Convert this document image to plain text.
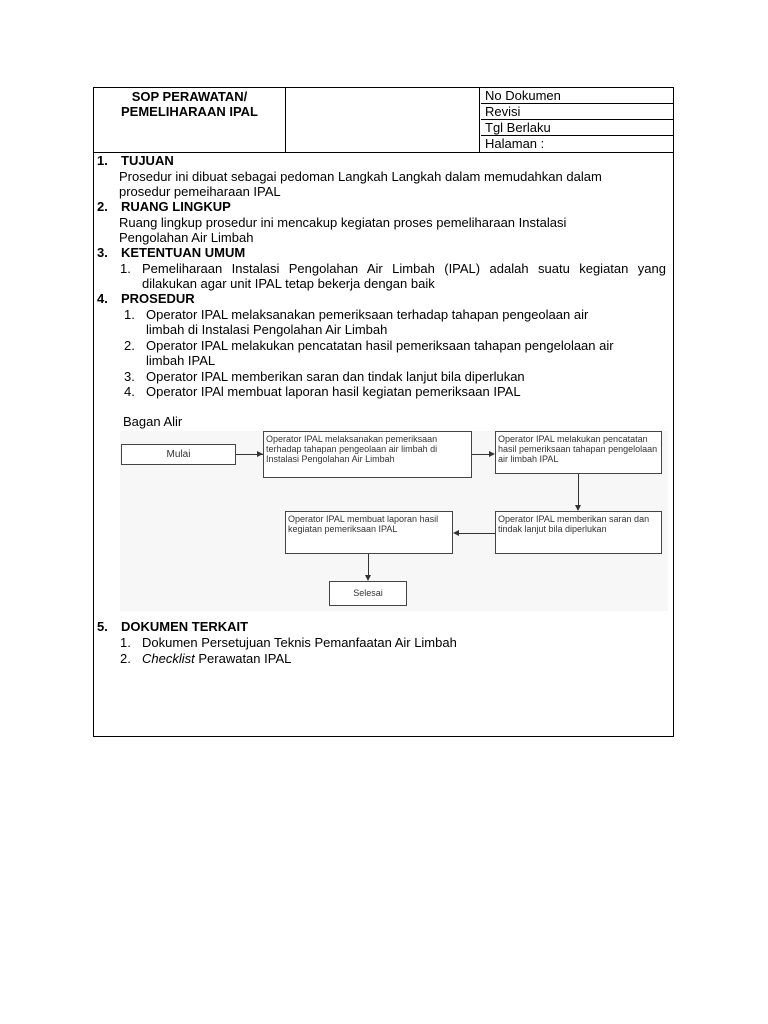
SOP PERAWATAN/
PEMELIHARAAN IPAL
No Dokumen
Revisi
Tgl Berlaku
Halaman :
1. TUJUAN
Prosedur ini dibuat sebagai pedoman Langkah Langkah dalam memudahkan dalam
prosedur pemeiharaan IPAL
2. RUANG LINGKUP
Ruang lingkup prosedur ini mencakup kegiatan proses pemeliharaan Instalasi
Pengolahan Air Limbah
3. KETENTUAN UMUM
1. Pemeliharaan Instalasi Pengolahan Air Limbah (IPAL) adalah suatu kegiatan yang
dilakukan agar unit IPAL tetap bekerja dengan baik
4. PROSEDUR
1. Operator IPAL melaksanakan pemeriksaan terhadap tahapan pengeolaan air
limbah di Instalasi Pengolahan Air Limbah
2. Operator IPAL melakukan pencatatan hasil pemeriksaan tahapan pengelolaan air
limbah IPAL
3. Operator IPAL memberikan saran dan tindak lanjut bila diperlukan
4. Operator IPAl membuat laporan hasil kegiatan pemeriksaan IPAL
Bagan Alir
Mulai
Operator IPAL melaksanakan pemeriksaan
terhadap tahapan pengeolaan air limbah di
Instalasi Pengolahan Air Limbah
Operator IPAL melakukan pencatatan
hasil pemeriksaan tahapan pengelolaan
air limbah IPAL
Operator IPAL memberikan saran dan
tindak lanjut bila diperlukan
Operator IPAL membuat laporan hasil
kegiatan pemeriksaan IPAL
Selesai
5. DOKUMEN TERKAIT
1. Dokumen Persetujuan Teknis Pemanfaatan Air Limbah
2. Checklist Perawatan IPAL
